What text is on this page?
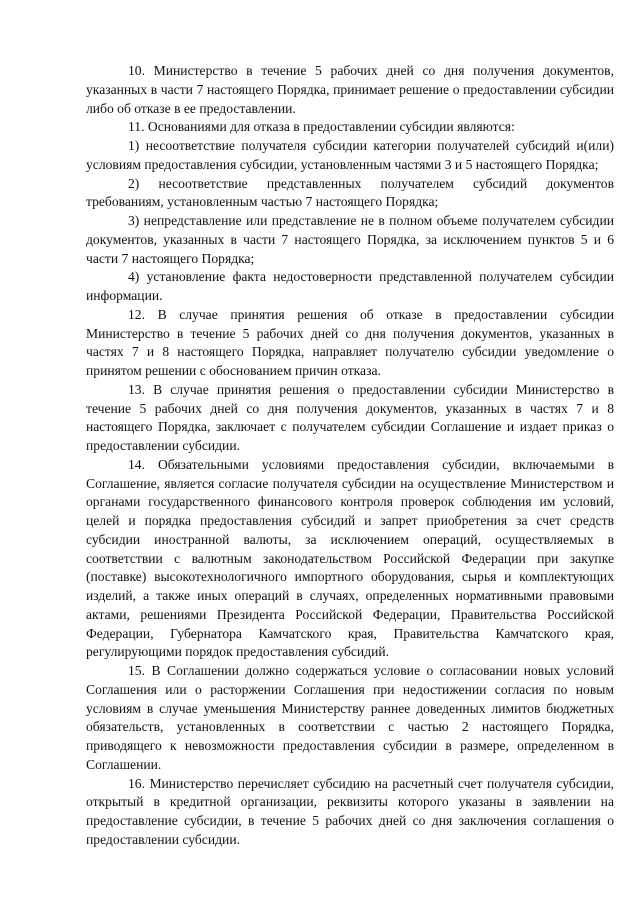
10. Министерство в течение 5 рабочих дней со дня получения документов, указанных в части 7 настоящего Порядка, принимает решение о предоставлении субсидии либо об отказе в ее предоставлении.

11. Основаниями для отказа в предоставлении субсидии являются:

1) несоответствие получателя субсидии категории получателей субсидий и(или) условиям предоставления субсидии, установленным частями 3 и 5 настоящего Порядка;

2) несоответствие представленных получателем субсидий документов требованиям, установленным частью 7 настоящего Порядка;

3) непредставление или представление не в полном объеме получателем субсидии документов, указанных в части 7 настоящего Порядка, за исключением пунктов 5 и 6 части 7 настоящего Порядка;

4) установление факта недостоверности представленной получателем субсидии информации.

12. В случае принятия решения об отказе в предоставлении субсидии Министерство в течение 5 рабочих дней со дня получения документов, указанных в частях 7 и 8 настоящего Порядка, направляет получателю субсидии уведомление о принятом решении с обоснованием причин отказа.

13. В случае принятия решения о предоставлении субсидии Министерство в течение 5 рабочих дней со дня получения документов, указанных в частях 7 и 8 настоящего Порядка, заключает с получателем субсидии Соглашение и издает приказ о предоставлении субсидии.

14. Обязательными условиями предоставления субсидии, включаемыми в Соглашение, является согласие получателя субсидии на осуществление Министерством и органами государственного финансового контроля проверок соблюдения им условий, целей и порядка предоставления субсидий и запрет приобретения за счет средств субсидии иностранной валюты, за исключением операций, осуществляемых в соответствии с валютным законодательством Российской Федерации при закупке (поставке) высокотехнологичного импортного оборудования, сырья и комплектующих изделий, а также иных операций в случаях, определенных нормативными правовыми актами, решениями Президента Российской Федерации, Правительства Российской Федерации, Губернатора Камчатского края, Правительства Камчатского края, регулирующими порядок предоставления субсидий.

15. В Соглашении должно содержаться условие о согласовании новых условий Соглашения или о расторжении Соглашения при недостижении согласия по новым условиям в случае уменьшения Министерству раннее доведенных лимитов бюджетных обязательств, установленных в соответствии с частью 2 настоящего Порядка, приводящего к невозможности предоставления субсидии в размере, определенном в Соглашении.

16. Министерство перечисляет субсидию на расчетный счет получателя субсидии, открытый в кредитной организации, реквизиты которого указаны в заявлении на предоставление субсидии, в течение 5 рабочих дней со дня заключения соглашения о предоставлении субсидии.
